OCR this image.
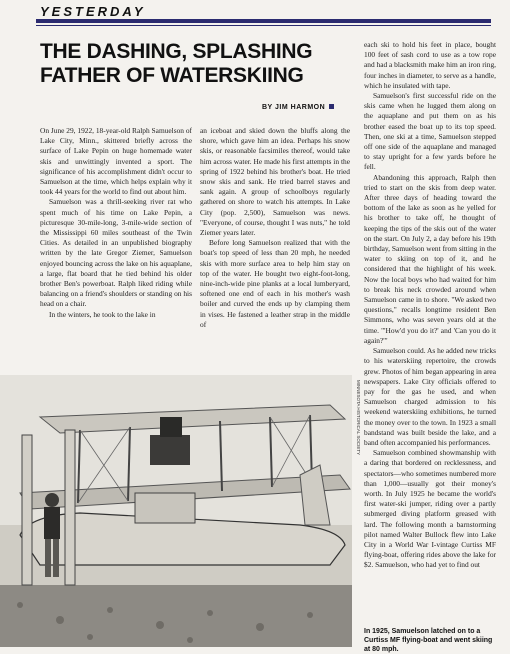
YESTERDAY
THE DASHING, SPLASHING FATHER OF WATERSKIING
BY JIM HARMON

On June 29, 1922, 18-year-old Ralph Samuelson of Lake City, Minn., skittered briefly across the surface of Lake Pepin on huge homemade water skis and unwittingly invented a sport. The significance of his accomplishment didn't occur to Samuelson at the time, which helps explain why it took 44 years for the world to find out about him.

Samuelson was a thrill-seeking river rat who spent much of his time on Lake Pepin, a picturesque 30-mile-long, 3-mile-wide section of the Mississippi 60 miles southeast of the Twin Cities. As detailed in an unpublished biography written by the late Gregor Ziemer, Samuelson enjoyed bouncing across the lake on his aquaplane, a large, flat board that he tied behind his older brother Ben's powerboat. Ralph liked riding while balancing on a friend's shoulders or standing on his head on a chair.

In the winters, he took to the lake in

an iceboat and skied down the bluffs along the shore, which gave him an idea. Perhaps his snow skis, or reasonable facsimiles thereof, would take him across water. He made his first attempts in the spring of 1922 behind his brother's boat. He tried snow skis and sank. He tried barrel staves and sank again. A group of schoolboys regularly gathered on shore to watch his attempts. In Lake City (pop. 2,500), Samuelson was news. "Everyone, of course, thought I was nuts," he told Ziemer years later.

Before long Samuelson realized that with the boat's top speed of less than 20 mph, he needed skis with more surface area to help him stay on top of the water. He bought two eight-foot-long, nine-inch-wide pine planks at a local lumberyard, softened one end of each in his mother's wash boiler and curved the ends up by clamping them in vises. He fastened a leather strap in the middle of

each ski to hold his feet in place, bought 100 feet of sash cord to use as a tow rope and had a blacksmith make him an iron ring, four inches in diameter, to serve as a handle, which he insulated with tape.

Samuelson's first successful ride on the skis came when he lugged them along on the aquaplane and put them on as his brother eased the boat up to its top speed. Then, one ski at a time, Samuelson stepped off one side of the aquaplane and managed to stay upright for a few yards before he fell.

Abandoning this approach, Ralph then tried to start on the skis from deep water. After three days of heading toward the bottom of the lake as soon as he yelled for his brother to take off, he thought of keeping the tips of the skis out of the water on the start. On July 2, a day before his 19th birthday, Samuelson went from sitting in the water to skiing on top of it, and he considered that the highlight of his week. Now the local boys who had waited for him to break his neck crowded around when Samuelson came in to shore. "We asked two questions," recalls longtime resident Ben Simmons, who was seven years old at the time. "'How'd you do it?' and 'Can you do it again?'"

Samuelson could. As he added new tricks to his waterskiing repertoire, the crowds grew. Photos of him began appearing in area newspapers. Lake City officials offered to pay for the gas he used, and when Samuelson charged admission to his weekend waterskiing exhibitions, he turned the money over to the town. In 1923 a small bandstand was built beside the lake, and a band often accompanied his performances.

Samuelson combined showmanship with a daring that bordered on recklessness, and spectators—who sometimes numbered more than 1,000—usually got their money's worth. In July 1925 he became the world's first water-ski jumper, riding over a partly submerged diving platform greased with lard. The following month a barnstorming pilot named Walter Bullock flew into Lake City in a World War I-vintage Curtiss MF flying-boat, offering rides above the lake for $2. Samuelson, who had yet to find out

MINNESOTA HISTORICAL SOCIETY
In 1925, Samuelson latched on to a Curtiss MF flying-boat and went skiing at 80 mph.
